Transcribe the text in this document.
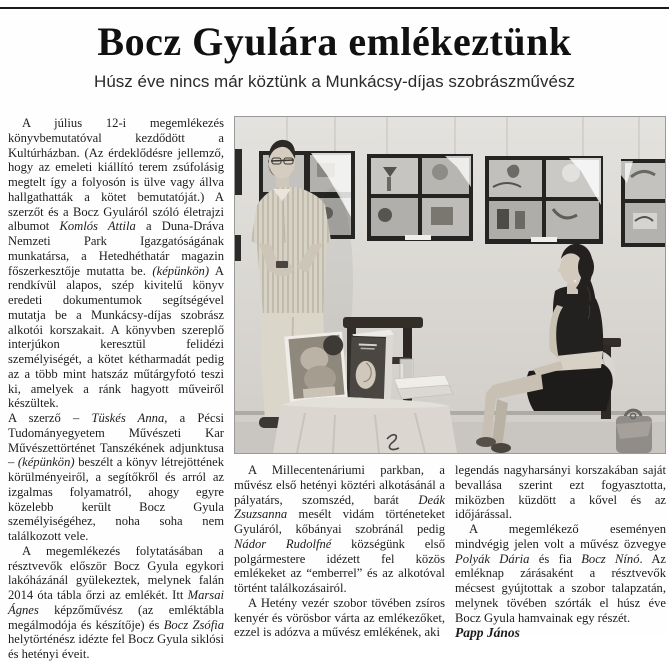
Bocz Gyulára emlékeztünk
Húsz éve nincs már köztünk a Munkácsy-díjas szobrászművész

A július 12-i megemlékezés könyvbemutatóval kezdődött a Kultúrházban. (Az érdeklődésre jellemző, hogy az emeleti kiállító terem zsúfolásig megtelt így a folyosón is ülve vagy állva hallgathatták a kötet bemutatóját.) A szerzőt és a Bocz Gyuláról szóló életrajzi albumot Komlós Attila a Duna-Dráva Nemzeti Park Igazgatóságának munkatársa, a Hetedhéthatár magazin főszerkesztője mutatta be. (képünkön) A rendkívül alapos, szép kivitelű könyv eredeti dokumentumok segítségével mutatja be a Munkácsy-díjas szobrász alkotói korszakait. A könyvben szereplő interjúkon keresztül felidézi személyiségét, a kötet kétharmadát pedig az a több mint hatszáz műtárgyfotó teszi ki, amelyek a ránk hagyott műveiről készültek.

A szerző – Tüskés Anna, a Pécsi Tudományegyetem Művészeti Kar Művészettörténet Tanszékének adjunktusa – (képünkön) beszélt a könyv létrejöttének körülményeiről, a segítőkről és arról az izgalmas folyamatról, ahogy egyre közelebb került Bocz Gyula személyiségéhez, noha soha nem találkozott vele.

A megemlékezés folytatásában a résztvevők először Bocz Gyula egykori lakóházánál gyülekeztek, melynek falán 2014 óta tábla őrzi az emlékét. Itt Marsai Ágnes képzőművész (az emléktábla megálmodója és készítője) és Bocz Zsófia helytörténész idézte fel Bocz Gyula siklósi és hetényi éveit.

A Millecentenáriumi parkban, a művész első hetényi köztéri alkotásánál a pályatárs, szomszéd, barát Deák Zsuzsanna mesélt vidám történeteket Gyuláról, kőbányai szobránál pedig Nádor Rudolfné községünk első polgármestere idézett fel közös emlékeket az “emberrel” és az alkotóval történt találkozásairól.

A Hetény vezér szobor tövében zsíros kenyér és vörösbor várta az emlékezőket, ezzel is adózva a művész emlékének, aki

legendás nagyharsányi korszakában saját bevallása szerint ezt fogyasztotta, miközben küzdött a kővel és az időjárással.

A megemlékező eseményen mindvégig jelen volt a művész özvegye Polyák Dária és fia Bocz Nínó. Az emléknap zárásaként a résztvevők mécsest gyújtottak a szobor talapzatán, melynek tövében szórták el húsz éve Bocz Gyula hamvainak egy részét.

Papp János
